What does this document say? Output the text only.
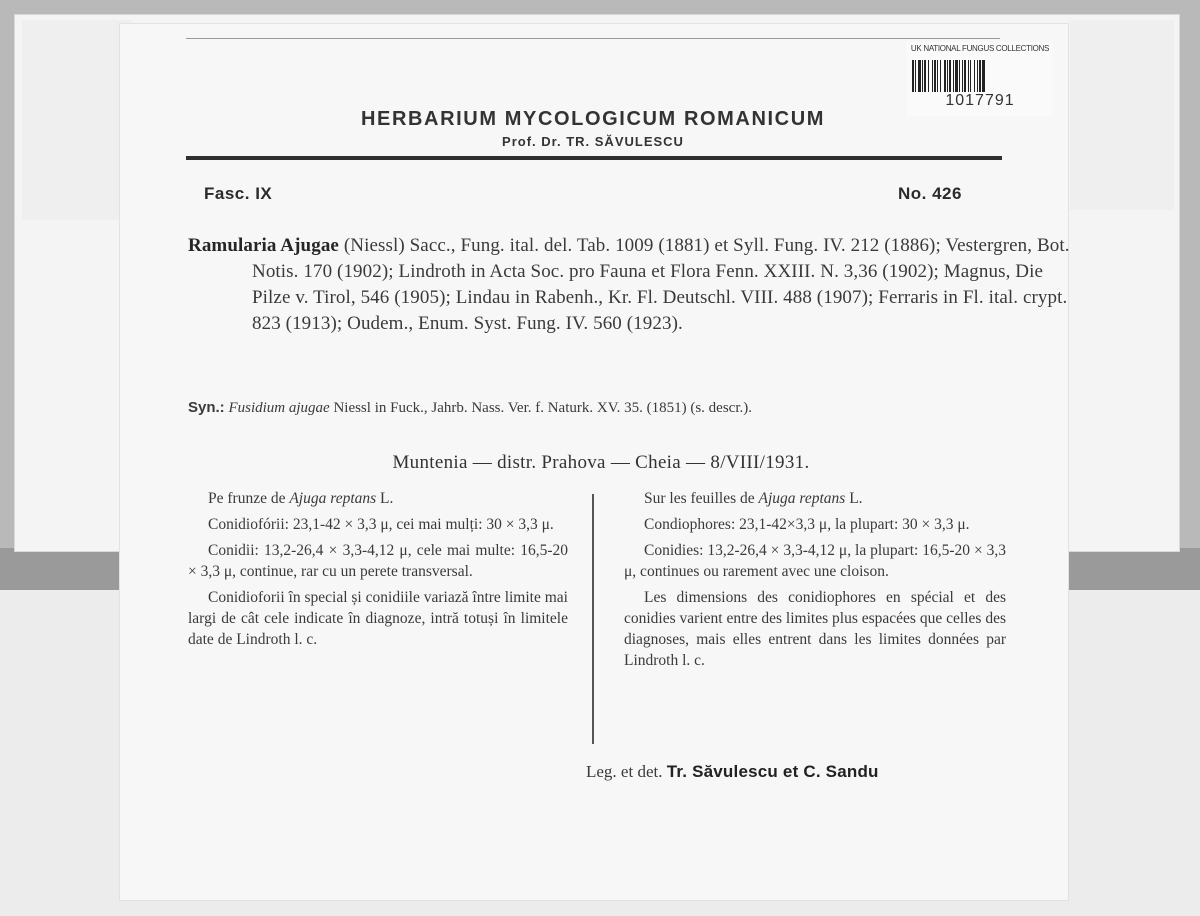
UK NATIONAL FUNGUS COLLECTIONS
1017791
HERBARIUM MYCOLOGICUM ROMANICUM
Prof. Dr. TR. SĂVULESCU
Fasc. IX	No. 426
Ramularia Ajugae (Niessl) Sacc., Fung. ital. del. Tab. 1009 (1881) et Syll. Fung. IV. 212 (1886); Vestergren, Bot. Notis. 170 (1902); Lindroth in Acta Soc. pro Fauna et Flora Fenn. XXIII. N. 3,36 (1902); Magnus, Die Pilze v. Tirol, 546 (1905); Lindau in Rabenh., Kr. Fl. Deutschl. VIII. 488 (1907); Ferraris in Fl. ital. crypt. 823 (1913); Oudem., Enum. Syst. Fung. IV. 560 (1923).
Syn.: Fusidium ajugae Niessl in Fuck., Jahrb. Nass. Ver. f. Naturk. XV. 35. (1851) (s. descr.).
Muntenia — distr. Prahova — Cheia — 8/VIII/1931.

Pe frunze de Ajuga reptans L.

Conidiofórii: 23,1-42 × 3,3 μ, cei mai mulți: 30 × 3,3 μ.

Conidii: 13,2-26,4 × 3,3-4,12 μ, cele mai multe: 16,5-20 × 3,3 μ, continue, rar cu un perete transversal.

Conidioforii în special și conidiile variază între limite mai largi de cât cele indicate în diagnoze, intră totuși în limitele date de Lindroth l. c.

Sur les feuilles de Ajuga reptans L.

Condiophores: 23,1-42×3,3 μ, la plupart: 30 × 3,3 μ.

Conidies: 13,2-26,4 × 3,3-4,12 μ, la plupart: 16,5-20 × 3,3 μ, continues ou rarement avec une cloison.

Les dimensions des conidiophores en spécial et des conidies varient entre des limites plus espacées que celles des diagnoses, mais elles entrent dans les limites données par Lindroth l. c.

Leg. et det. Tr. Săvulescu et C. Sandu
